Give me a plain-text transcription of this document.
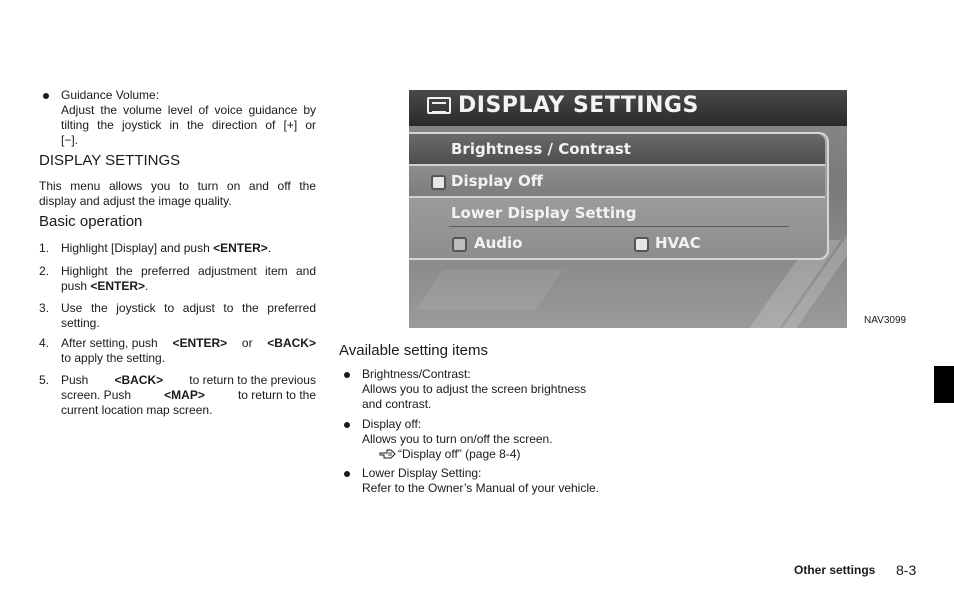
Guidance Volume:
Adjust the volume level of voice guidance by
tilting the joystick in the direction of [+] or
[−].
DISPLAY SETTINGS
This menu allows you to turn on and off the
display and adjust the image quality.
Basic operation
1. Highlight [Display] and push <ENTER>.
2. Highlight the preferred adjustment item and
push <ENTER>.
3. Use the joystick to adjust to the preferred
setting.
4. After setting, push <ENTER> or <BACK>
to apply the setting.
5. Push <BACK> to return to the previous
screen. Push	<MAP>	to return to the
current location map screen.
DISPLAY SETTINGS
Brightness / Contrast
Display Off
Lower Display Setting
Audio	HVAC
NAV3099
Available setting items
Brightness/Contrast:
Allows you to adjust the screen brightness
and contrast.
Display off:
Allows you to turn on/off the screen.
“Display off” (page 8-4)
Lower Display Setting:
Refer to the Owner’s Manual of your vehicle.
Other settings 8-3
